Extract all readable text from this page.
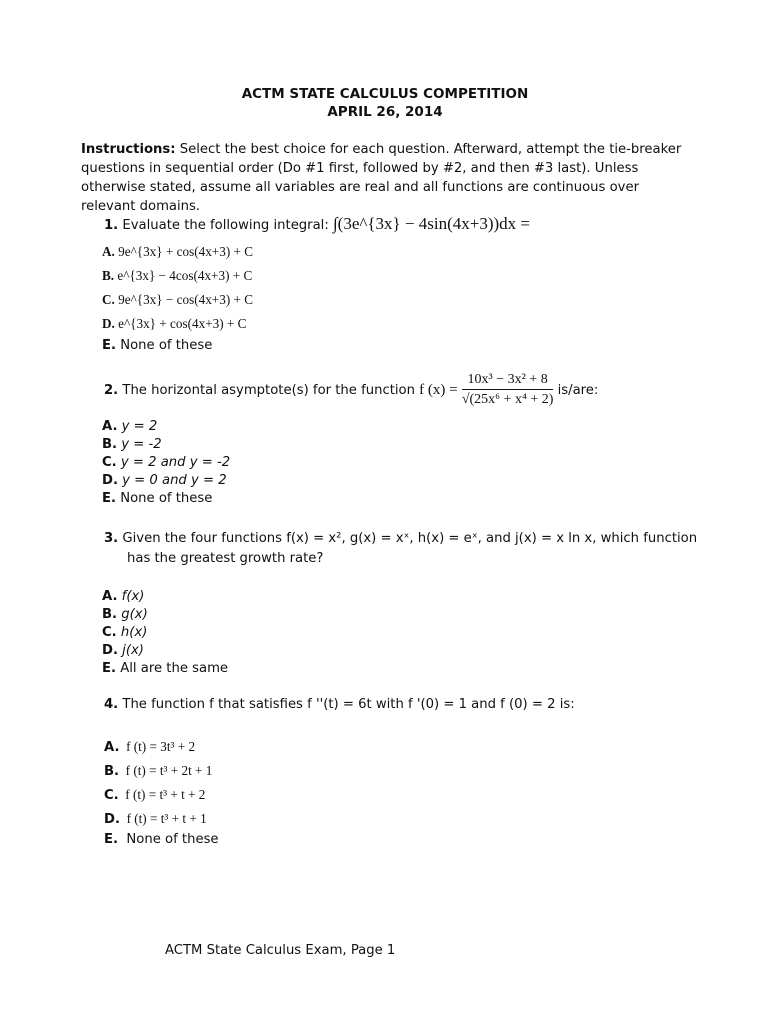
ACTM STATE CALCULUS COMPETITION
APRIL 26, 2014
Instructions: Select the best choice for each question. Afterward, attempt the tie-breaker questions in sequential order (Do #1 first, followed by #2, and then #3 last). Unless otherwise stated, assume all variables are real and all functions are continuous over relevant domains.
1. Evaluate the following integral: ∫(3e^{3x} − 4sin(4x+3))dx =
A. 9e^{3x} + cos(4x+3) + C
B. e^{3x} − 4cos(4x+3) + C
C. 9e^{3x} − cos(4x+3) + C
D. e^{3x} + cos(4x+3) + C
E. None of these
2. The horizontal asymptote(s) for the function f $(x) = \frac{\text{10x³ − 3x² + 8}}{\text{√(25x⁶ + x⁴ + 2)}} is/are$:
A. y = 2
B. y = -2
C. y = 2 and y = -2
D. y = 0 and y = 2
E. None of these
3. Given the four functions f(x) = x², g(x) = xˣ, h(x) = eˣ, and j(x) = x ln x, which function
has the greatest growth rate?
A. f(x)
B. g(x)
C. h(x)
D. j(x)
E. All are the same
4. The function f that satisfies f ''(t) = 6t with f '(0) = 1 and f (0) = 2 is:
A. f (t) = 3t³ + 2
B. f (t) = t³ + 2t + 1
C. f (t) = t³ + t + 2
D. f (t) = t³ + t + 1
E. None of these
ACTM State Calculus Exam, Page 1
